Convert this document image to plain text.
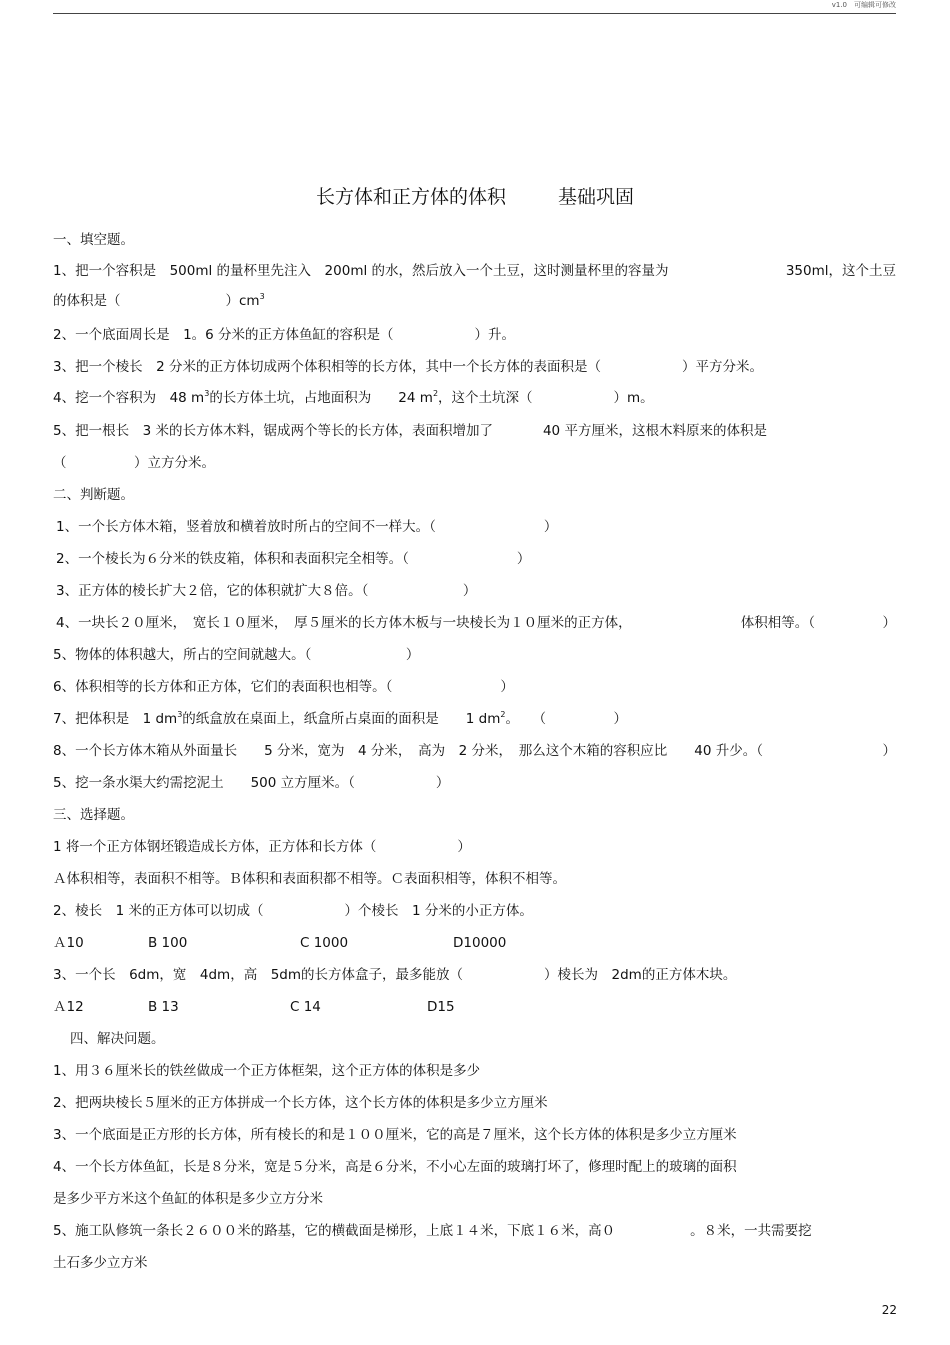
v1.0　可编辑可修改
长方体和正方体的体积	基础巩固
一、填空题。
1、把一个容积是　500ml 的量杯里先注入　200ml 的水，然后放入一个土豆，这时测量杯里的容量为	350ml，这个土豆
的体积是（	）$cm^3$
2、一个底面周长是　1。6 分米的正方体鱼缸的容积是（　　　　　　）升。
3、把一个棱长　2 分米的正方体切成两个体积相等的长方体，其中一个长方体的表面积是（　　　　　　）平方分米。
4、挖一个容积为　48 $m^3$的长方体土坑，占地面积为　　24 $m^2$，这个土坑深（　　　　　　）m。
5、把一根长　3 米的长方体木料，锯成两个等长的长方体，表面积增加了	40 平方厘米，这根木料原来的体积是
（　　　　　）立方分米。
二、判断题。
1、一个长方体木箱，竖着放和横着放时所占的空间不一样大。（　　　　　　　　）
2、一个棱长为６分米的铁皮箱，体积和表面积完全相等。（　　　　　　　　）
3、正方体的棱长扩大２倍，它的体积就扩大８倍。（　　　　　　　）
4、一块长２０厘米，　宽长１０厘米，　厚５厘米的长方体木板与一块棱长为１０厘米的正方体，	体积相等。（　　　　　）
5、物体的体积越大，所占的空间就越大。（　　　　　　　）
6、体积相等的长方体和正方体，它们的表面积也相等。（　　　　　　　　）
7、把体积是　1 $dm^3$的纸盒放在桌面上，纸盒所占桌面的面积是　　1 $dm^2$。　　（　　　　　）
8、一个长方体木箱从外面量长　　5 分米，宽为　4 分米，　高为　2 分米，　那么这个木箱的容积应比　　40 升少。（	）
5、挖一条水渠大约需挖泥土　　500 立方厘米。（　　　　　　）
三、选择题。
1 将一个正方体钢坯锻造成长方体，正方体和长方体（　　　　　　）
Ａ体积相等，表面积不相等。Ｂ体积和表面积都不相等。Ｃ表面积相等，体积不相等。
2、棱长　1 米的正方体可以切成（　　　　　　）个棱长　1 分米的小正方体。
Ａ10	B 100	C 1000	D10000
3、一个长　6dm，宽　4dm，高　5dm的长方体盒子，最多能放（　　　　　　）棱长为　2dm的正方体木块。
Ａ12	B 13	C 14	D15
四、解决问题。
1、用３６厘米长的铁丝做成一个正方体框架，这个正方体的体积是多少
2、把两块棱长５厘米的正方体拼成一个长方体，这个长方体的体积是多少立方厘米
3、一个底面是正方形的长方体，所有棱长的和是１００厘米，它的高是７厘米，这个长方体的体积是多少立方厘米
4、一个长方体鱼缸，长是８分米，宽是５分米，高是６分米，不小心左面的玻璃打坏了，修理时配上的玻璃的面积
是多少平方米这个鱼缸的体积是多少立方分米
5、施工队修筑一条长２６００米的路基，它的横截面是梯形，上底１４米，下底１６米，高０	。８米，一共需要挖
土石多少立方米
22
